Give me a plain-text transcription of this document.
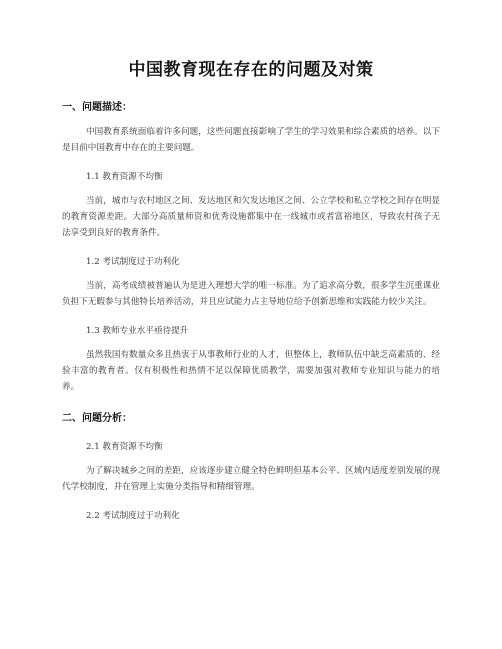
中国教育现在存在的问题及对策
一、问题描述：

中国教育系统面临着许多问题，这些问题直接影响了学生的学习效果和综合素质的培养。以下是目前中国教育中存在的主要问题。

1.1 教育资源不均衡

当前，城市与农村地区之间、发达地区和欠发达地区之间、公立学校和私立学校之间存在明显的教育资源差距。大部分高质量师资和优秀设施都集中在一线城市或者富裕地区，导致农村孩子无法享受到良好的教育条件。

1.2 考试制度过于功利化

当前，高考成绩被普遍认为是进入理想大学的唯一标准。为了追求高分数，很多学生沉重课业负担下无暇参与其他特长培养活动，并且应试能力占主导地位给予创新思维和实践能力较少关注。

1.3 教师专业水平亟待提升

虽然我国有数量众多且热衷于从事教师行业的人才，但整体上，教师队伍中缺乏高素质的、经验丰富的教育者。仅有积极性和热情不足以保障优质教学，需要加强对教师专业知识与能力的培养。

二、问题分析：

2.1 教育资源不均衡

为了解决城乡之间的差距，应该逐步建立健全特色鲜明但基本公平、区域内适度差别发展的现代学校制度，并在管理上实施分类指导和精细管理。

2.2 考试制度过于功利化
